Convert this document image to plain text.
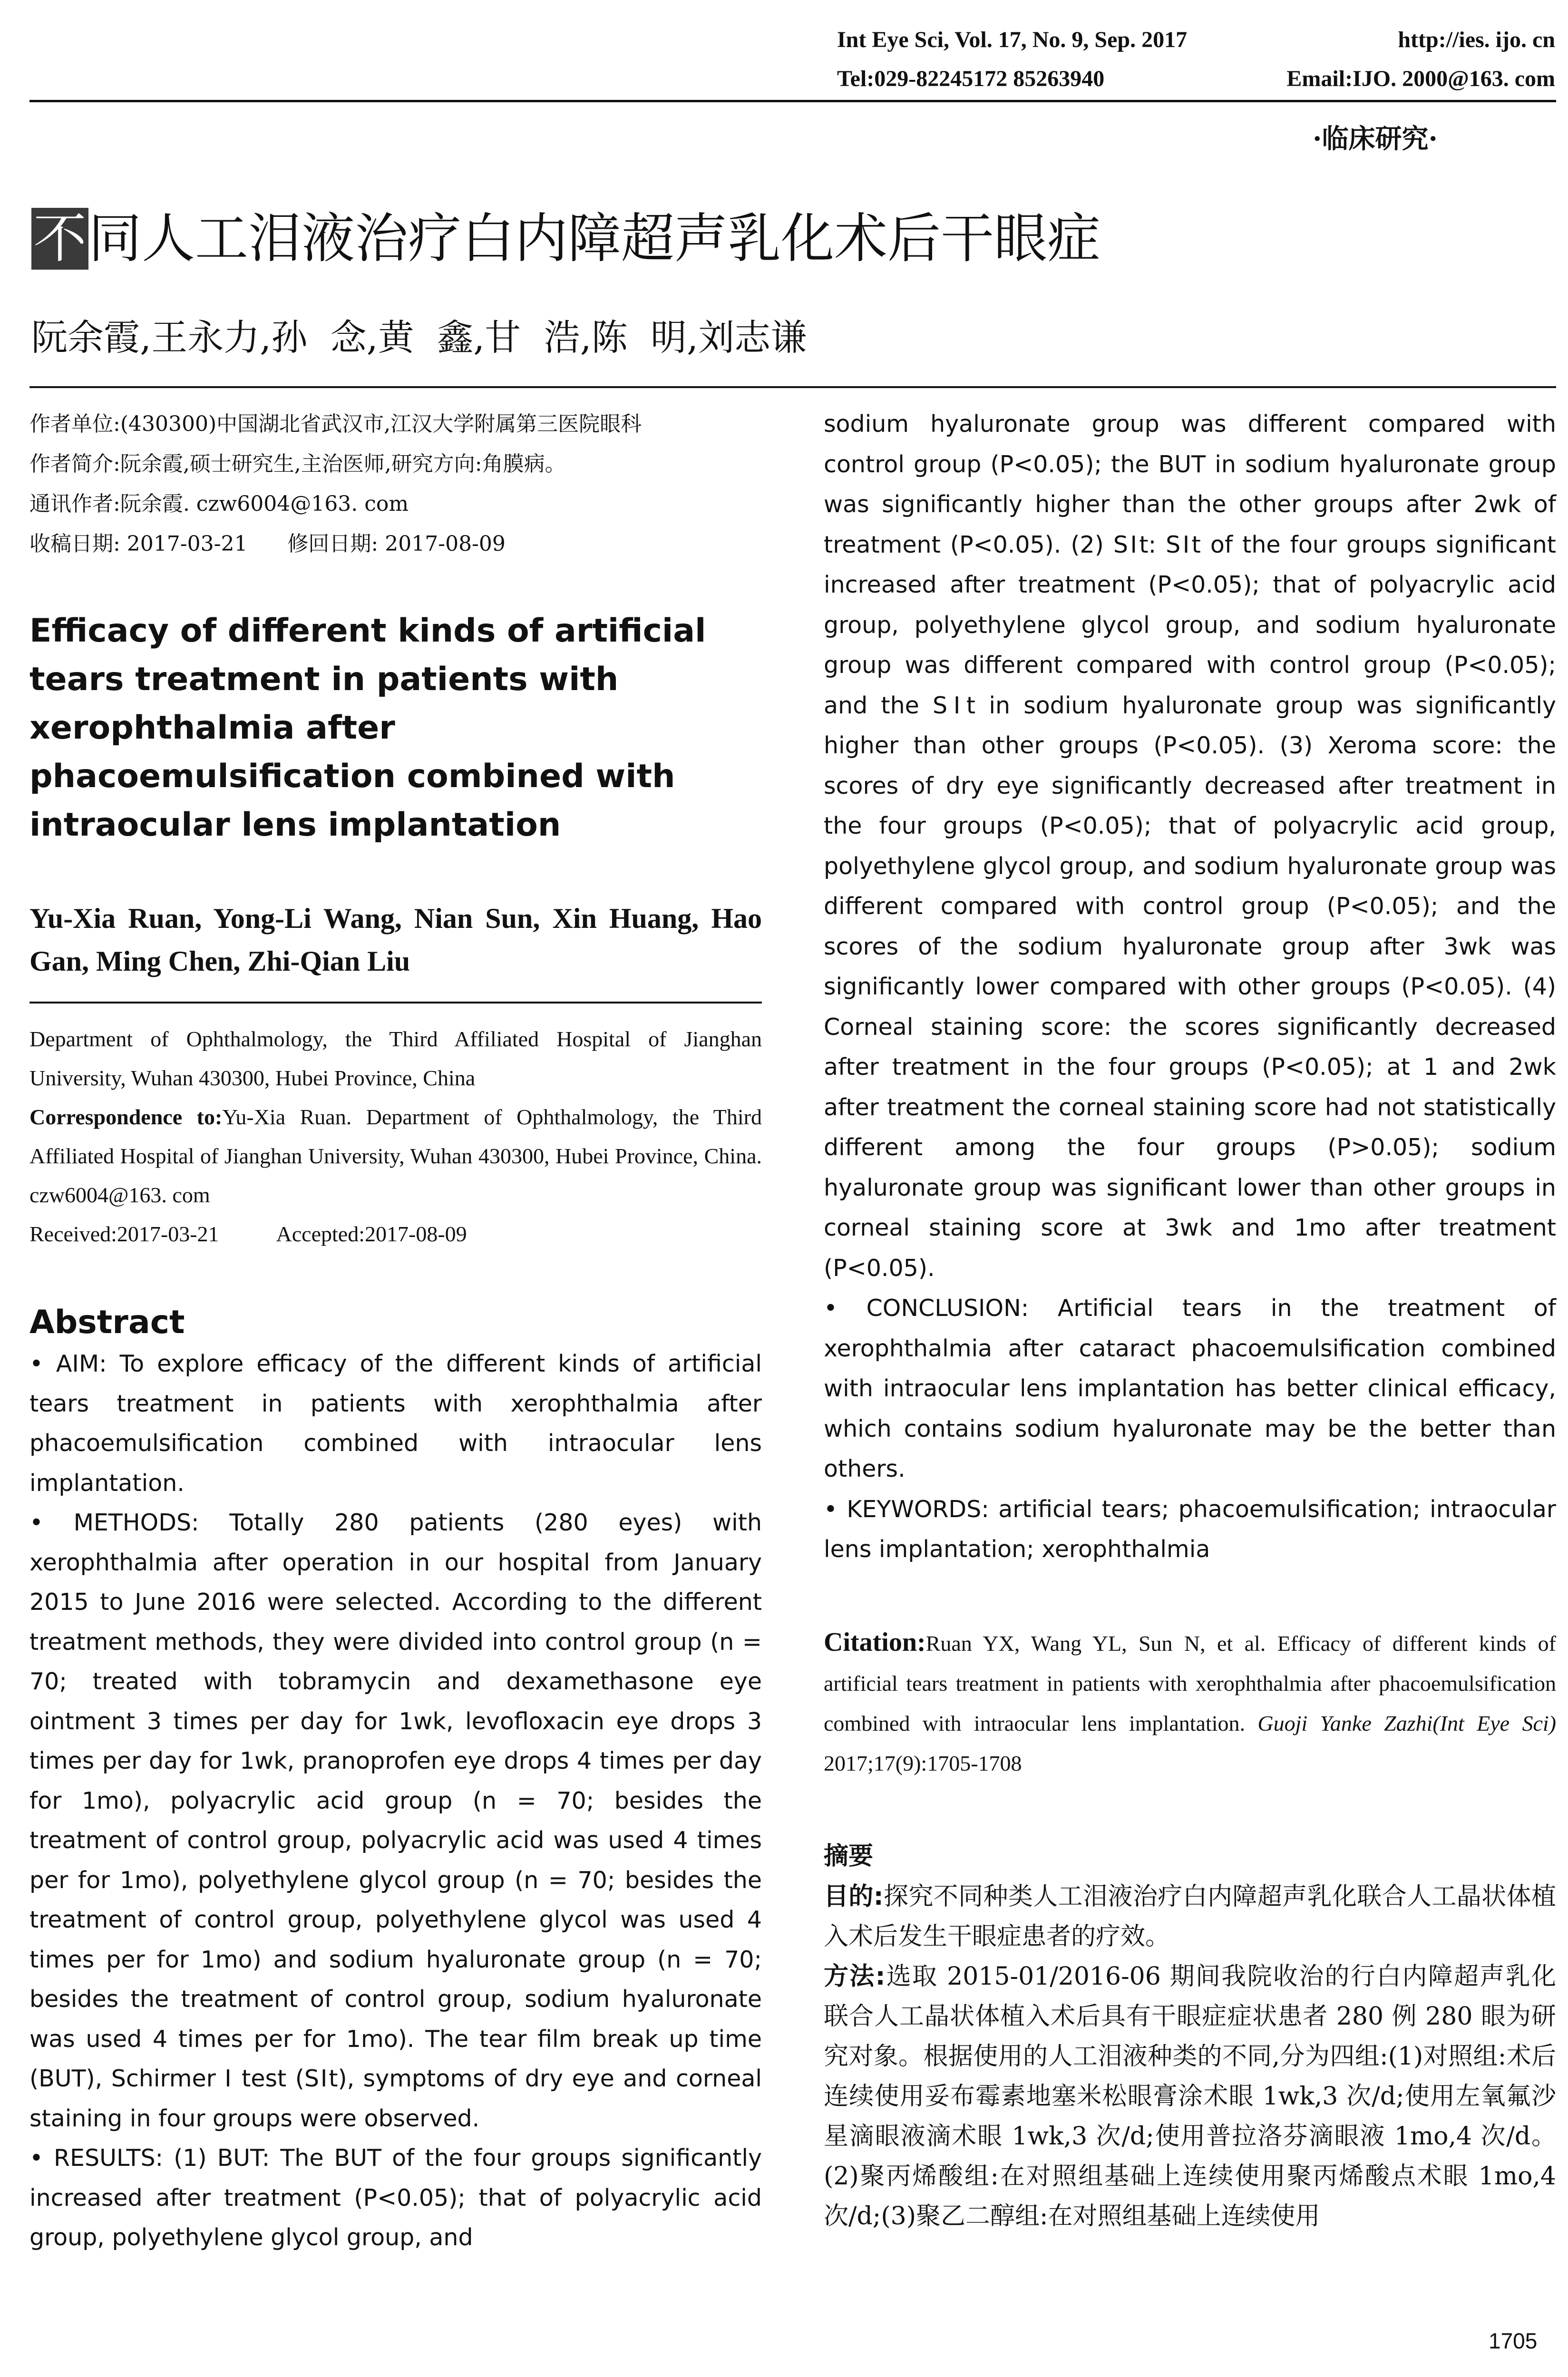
Int Eye Sci, Vol. 17, No. 9, Sep. 2017	http://ies. ijo. cn
Tel:029-82245172 85263940	Email:IJO. 2000@163. com
·临床研究·
不同人工泪液治疗白内障超声乳化术后干眼症
阮余霞,王永力,孙  念,黄  鑫,甘  浩,陈  明,刘志谦

作者单位:(430300)中国湖北省武汉市,江汉大学附属第三医院眼科

作者简介:阮余霞,硕士研究生,主治医师,研究方向:角膜病。

通讯作者:阮余霞. czw6004@163. com

收稿日期: 2017-03-21      修回日期: 2017-08-09

Efficacy of different kinds of artificial tears treatment in patients with xerophthalmia after phacoemulsification combined with intraocular lens implantation
Yu-Xia Ruan, Yong-Li Wang, Nian Sun, Xin Huang, Hao Gan, Ming Chen, Zhi-Qian Liu

Department of Ophthalmology, the Third Affiliated Hospital of Jianghan University, Wuhan 430300, Hubei Province, China

Correspondence to:Yu-Xia Ruan. Department of Ophthalmology, the Third Affiliated Hospital of Jianghan University, Wuhan 430300, Hubei Province, China. czw6004@163. com

Received:2017-03-21	Accepted:2017-08-09

Abstract

• AIM: To explore efficacy of the different kinds of artificial tears treatment in patients with xerophthalmia after phacoemulsification combined with intraocular lens implantation.

• METHODS: Totally 280 patients (280 eyes) with xerophthalmia after operation in our hospital from January 2015 to June 2016 were selected. According to the different treatment methods, they were divided into control group (n = 70; treated with tobramycin and dexamethasone eye ointment 3 times per day for 1wk, levofloxacin eye drops 3 times per day for 1wk, pranoprofen eye drops 4 times per day for 1mo), polyacrylic acid group (n = 70; besides the treatment of control group, polyacrylic acid was used 4 times per for 1mo), polyethylene glycol group (n = 70; besides the treatment of control group, polyethylene glycol was used 4 times per for 1mo) and sodium hyaluronate group (n = 70; besides the treatment of control group, sodium hyaluronate was used 4 times per for 1mo). The tear film break up time (BUT), Schirmer Ⅰ test (SⅠt), symptoms of dry eye and corneal staining in four groups were observed.

• RESULTS: (1) BUT: The BUT of the four groups significantly increased after treatment (P<0.05); that of polyacrylic acid group, polyethylene glycol group, and

sodium hyaluronate group was different compared with control group (P<0.05); the BUT in sodium hyaluronate group was significantly higher than the other groups after 2wk of treatment (P<0.05). (2) SⅠt: SⅠt of the four groups significant increased after treatment (P<0.05); that of polyacrylic acid group, polyethylene glycol group, and sodium hyaluronate group was different compared with control group (P<0.05); and the SⅠt in sodium hyaluronate group was significantly higher than other groups (P<0.05). (3) Xeroma score: the scores of dry eye significantly decreased after treatment in the four groups (P<0.05); that of polyacrylic acid group, polyethylene glycol group, and sodium hyaluronate group was different compared with control group (P<0.05); and the scores of the sodium hyaluronate group after 3wk was significantly lower compared with other groups (P<0.05). (4) Corneal staining score: the scores significantly decreased after treatment in the four groups (P<0.05); at 1 and 2wk after treatment the corneal staining score had not statistically different among the four groups (P>0.05); sodium hyaluronate group was significant lower than other groups in corneal staining score at 3wk and 1mo after treatment (P<0.05).

• CONCLUSION: Artificial tears in the treatment of xerophthalmia after cataract phacoemulsification combined with intraocular lens implantation has better clinical efficacy, which contains sodium hyaluronate may be the better than others.

• KEYWORDS: artificial tears; phacoemulsification; intraocular lens implantation; xerophthalmia

Citation:Ruan YX, Wang YL, Sun N, et al. Efficacy of different kinds of artificial tears treatment in patients with xerophthalmia after phacoemulsification combined with intraocular lens implantation. Guoji Yanke Zazhi(Int Eye Sci) 2017;17(9):1705-1708
摘要

目的:探究不同种类人工泪液治疗白内障超声乳化联合人工晶状体植入术后发生干眼症患者的疗效。

方法:选取 2015-01/2016-06 期间我院收治的行白内障超声乳化联合人工晶状体植入术后具有干眼症症状患者 280 例 280 眼为研究对象。根据使用的人工泪液种类的不同,分为四组:(1)对照组:术后连续使用妥布霉素地塞米松眼膏涂术眼 1wk,3 次/d;使用左氧氟沙星滴眼液滴术眼 1wk,3 次/d;使用普拉洛芬滴眼液 1mo,4 次/d。(2)聚丙烯酸组:在对照组基础上连续使用聚丙烯酸点术眼 1mo,4 次/d;(3)聚乙二醇组:在对照组基础上连续使用

1705
